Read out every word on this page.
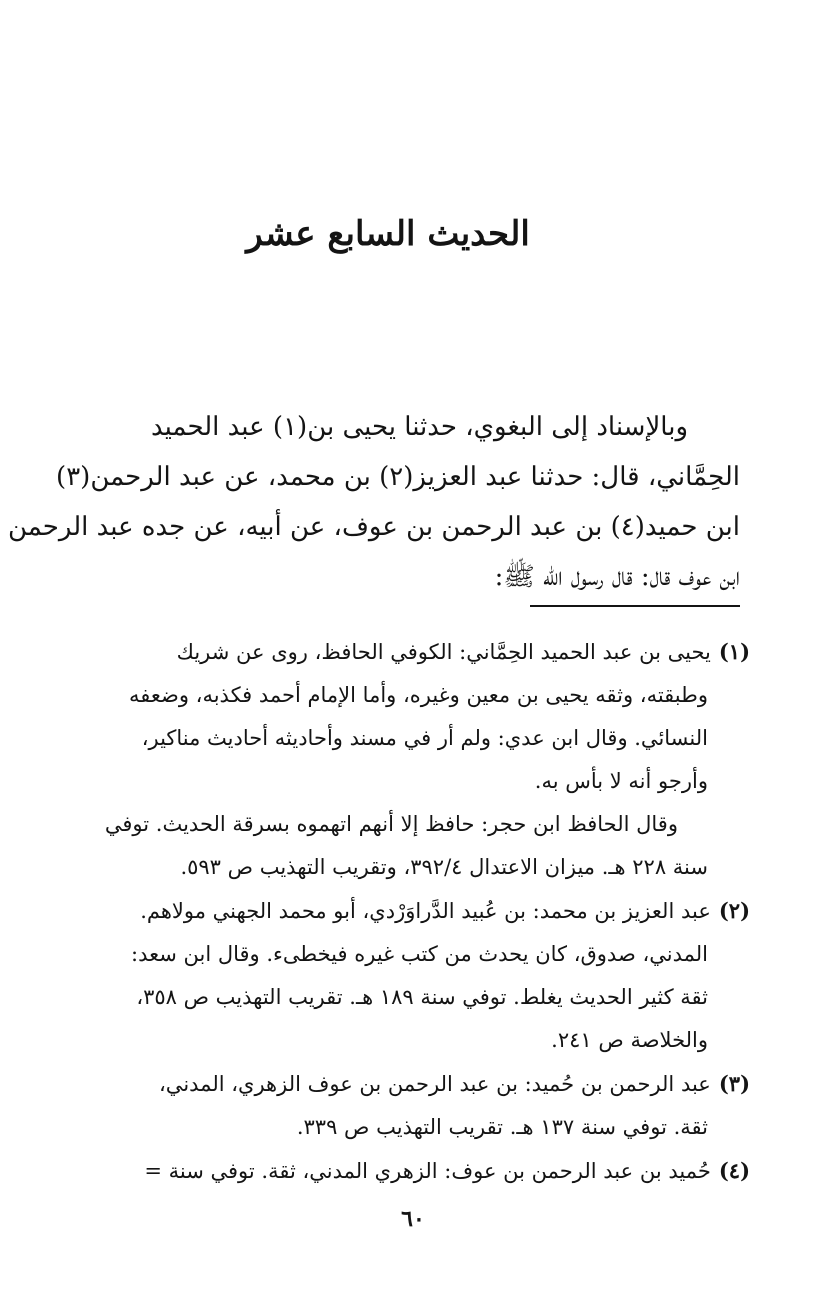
الحديث السابع عشر
وبالإسناد إلى البغوي، حدثنا يحيى بن(١) عبد الحميد
الحِمَّاني، قال: حدثنا عبد العزيز(٢) بن محمد، عن عبد الرحمن(٣)
ابن حميد(٤) بن عبد الرحمن بن عوف، عن أبيه، عن جده عبد الرحمن
ابن عوف قال: قال رسول الله ﷺ:
(١)يحيى بن عبد الحميد الحِمَّاني: الكوفي الحافظ، روى عن شريك
وطبقته، وثقه يحيى بن معين وغيره، وأما الإمام أحمد فكذبه، وضعفه
النسائي. وقال ابن عدي: ولم أر في مسند وأحاديثه أحاديث مناكير،
وأرجو أنه لا بأس به.
وقال الحافظ ابن حجر: حافظ إلا أنهم اتهموه بسرقة الحديث. توفي
سنة ٢٢٨ هـ. ميزان الاعتدال ٣٩٢/٤، وتقريب التهذيب ص ٥٩٣.
(٢)عبد العزيز بن محمد: بن عُبيد الدَّراوَرْدي، أبو محمد الجهني مولاهم.
المدني، صدوق، كان يحدث من كتب غيره فيخطىء. وقال ابن سعد:
ثقة كثير الحديث يغلط. توفي سنة ١٨٩ هـ. تقريب التهذيب ص ٣٥٨،
والخلاصة ص ٢٤١.
(٣)عبد الرحمن بن حُميد: بن عبد الرحمن بن عوف الزهري، المدني،
ثقة. توفي سنة ١٣٧ هـ. تقريب التهذيب ص ٣٣٩.
(٤)حُميد بن عبد الرحمن بن عوف: الزهري المدني، ثقة. توفي سنة =
٦٠
